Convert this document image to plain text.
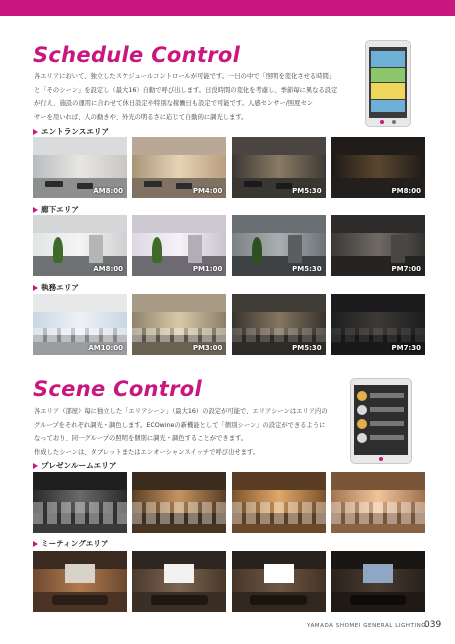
Schedule Control
各エリアにおいて、独立したスケジュールコントロールが可能です。一日の中で「照明を変化させる時間」
と「そのシーン」を設定し（最大16）自動で呼び出します。日没時間の変化を考慮し、季節毎に異なる設定
が行え、施設の運用に合わせて休日設定や特別な稼働日も設定で可能です。人感センサー/照度セン
サーを用いれば、人の動きや、外光の明るさに応じて自動的に調光します。
エントランスエリア
AM8:00	PM4:00	PM5:30	PM8:00
廊下エリア
AM8:00	PM1:00	PM5:30	PM7:00
執務エリア
AM10:00	PM3:00	PM5:30	PM7:30
Scene Control
各エリア（部屋）毎に独立した「エリアシーン」（最大16）の設定が可能で、エリアシーンはエリア内の
グループをそれぞれ調光・調色します。ECOwineの新機能として「個別シーン」の設定ができるように
なっており、同一グループの照明を個別に調光・調色することができます。
作成したシーンは、タブレットまたはエンオーシャンスイッチで呼び出せます。
プレゼンルームエリア
ミーティングエリア
YAMADA SHOMEI GENERAL LIGHTING
039
